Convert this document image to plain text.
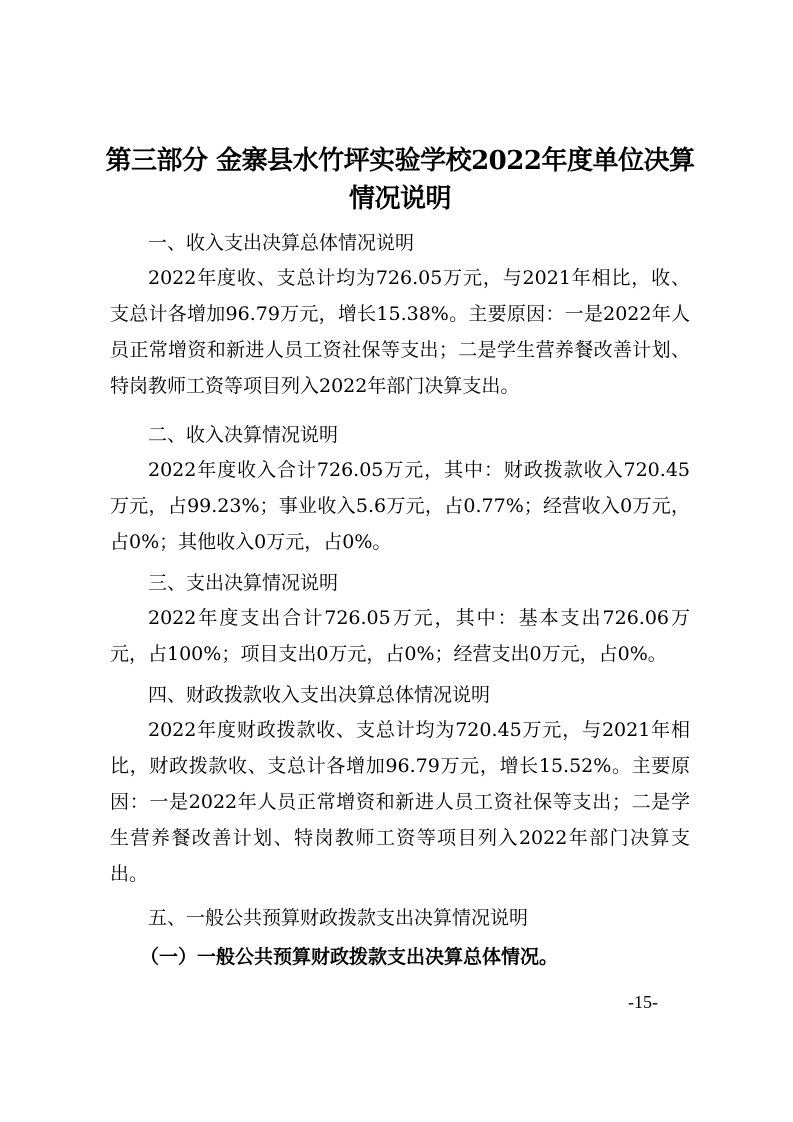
第三部分 金寨县水竹坪实验学校2022年度单位决算情况说明
一、收入支出决算总体情况说明
2022年度收、支总计均为726.05万元，与2021年相比，收、支总计各增加96.79万元，增长15.38%。主要原因：一是2022年人员正常增资和新进人员工资社保等支出；二是学生营养餐改善计划、特岗教师工资等项目列入2022年部门决算支出。
二、收入决算情况说明
2022年度收入合计726.05万元，其中：财政拨款收入720.45万元，占99.23%；事业收入5.6万元，占0.77%；经营收入0万元，占0%；其他收入0万元，占0%。
三、支出决算情况说明
2022年度支出合计726.05万元，其中：基本支出726.06万元，占100%；项目支出0万元，占0%；经营支出0万元，占0%。
四、财政拨款收入支出决算总体情况说明
2022年度财政拨款收、支总计均为720.45万元，与2021年相比，财政拨款收、支总计各增加96.79万元，增长15.52%。主要原因：一是2022年人员正常增资和新进人员工资社保等支出；二是学生营养餐改善计划、特岗教师工资等项目列入2022年部门决算支出。
五、一般公共预算财政拨款支出决算情况说明
（一）一般公共预算财政拨款支出决算总体情况。
-15-
